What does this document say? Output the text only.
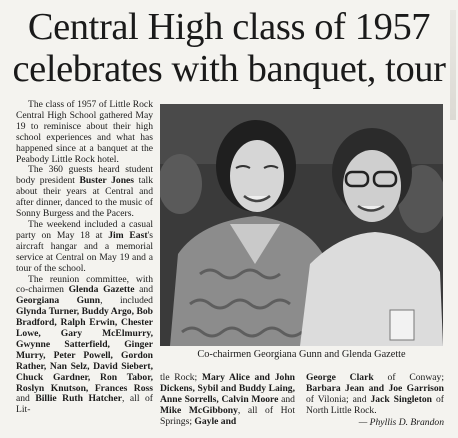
Central High class of 1957
celebrates with banquet, tour

The class of 1957 of Little Rock Central High School gathered May 19 to reminisce about their high school experiences and what has happened since at a banquet at the Peabody Little Rock hotel.

The 360 guests heard student body president Buster Jones talk about their years at Central and after dinner, danced to the music of Sonny Burgess and the Pacers.

The weekend included a casual party on May 18 at Jim East's aircraft hangar and a memorial service at Central on May 19 and a tour of the school.

The reunion committee, with co-chairmen Glenda Gazette and Georgiana Gunn, included Glynda Turner, Buddy Argo, Bob Bradford, Ralph Erwin, Chester Lowe, Gary McElmurry, Gwynne Satterfield, Ginger Murry, Peter Powell, Gordon Rather, Nan Selz, David Siebert, Chuck Gardner, Ron Tabor, Roslyn Knutson, Frances Ross and Billie Ruth Hatcher, all of Lit-

Co-chairmen Georgiana Gunn and Glenda Gazette

tle Rock; Mary Alice and John Dickens, Sybil and Buddy Laing, Anne Sorrells, Calvin Moore and Mike McGibbony, all of Hot Springs; Gayle and

George Clark of Conway; Barbara Jean and Joe Garrison of Vilonia; and Jack Singleton of North Little Rock.

— Phyllis D. Brandon
